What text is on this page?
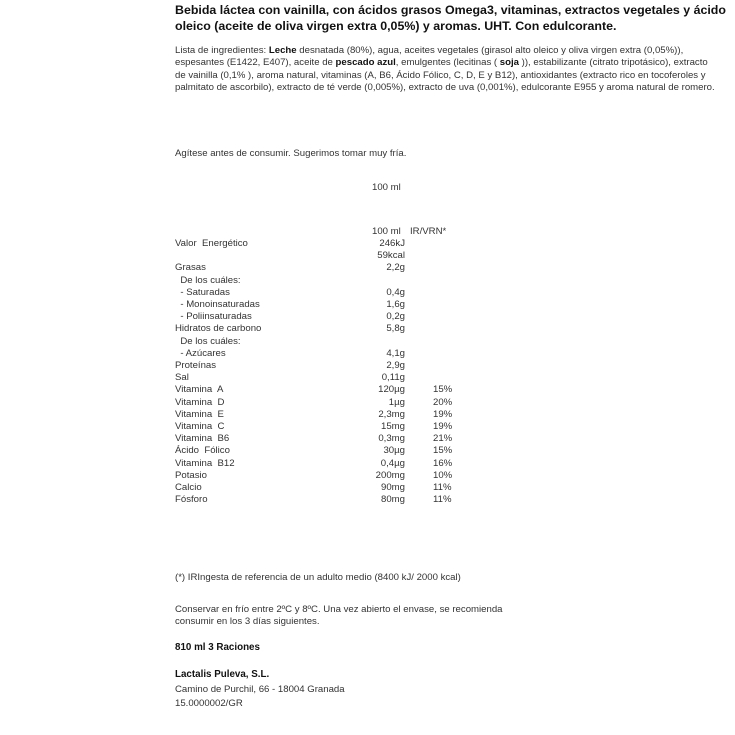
Bebida láctea con vainilla, con ácidos grasos Omega3, vitaminas, extractos vegetales y ácido oleico (aceite de oliva virgen extra 0,05%) y aromas. UHT. Con edulcorante.
Lista de ingredientes: Leche desnatada (80%), agua, aceites vegetales (girasol alto oleico y oliva virgen extra (0,05%)), espesantes (E1422, E407), aceite de pescado azul, emulgentes (lecitinas ( soja )), estabilizante (citrato tripotásico), extracto de vainilla (0,1% ), aroma natural, vitaminas (A, B6, Ácido Fólico, C, D, E y B12), antioxidantes (extracto rico en tocoferoles y palmitato de ascorbilo), extracto de té verde (0,005%), extracto de uva (0,001%), edulcorante E955 y aroma natural de romero.
Agítese antes de consumir. Sugerimos tomar muy fría.
100 ml
100 ml IR/VRN*
Valor  Energético	246kJ
59kcal
Grasas	2,2g
De los cuáles:
- Saturadas	0,4g
- Monoinsaturadas	1,6g
- Poliinsaturadas	0,2g
Hidratos de carbono	5,8g
De los cuáles:
- Azúcares	4,1g
Proteínas	2,9g
Sal	0,11g
Vitamina  A	120µg	15%
Vitamina  D	1µg	20%
Vitamina  E	2,3mg	19%
Vitamina  C	15mg	19%
Vitamina  B6	0,3mg	21%
Ácido  Fólico	30µg	15%
Vitamina  B12	0,4µg	16%
Potasio	200mg	10%
Calcio	90mg	11%
Fósforo	80mg	11%
(*) IRIngesta de referencia de un adulto medio (8400 kJ/ 2000 kcal)
Conservar en frío entre 2ºC y 8ºC. Una vez abierto el envase, se recomienda
consumir en los 3 días siguientes.
810 ml 3 Raciones
Lactalis Puleva, S.L.
Camino de Purchil, 66 - 18004 Granada
15.0000002/GR
